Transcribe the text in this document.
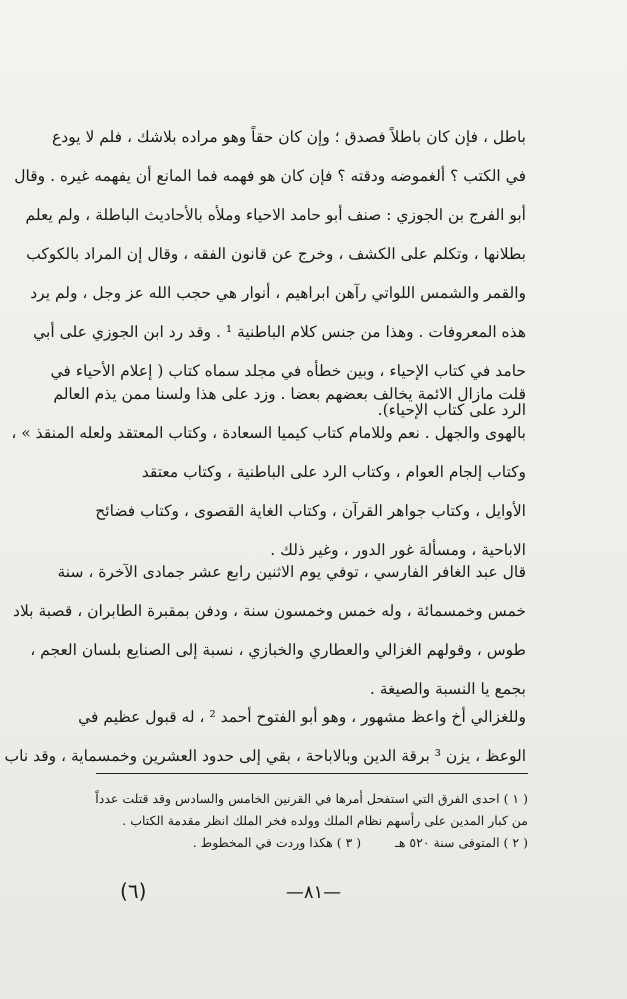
باطل ، فإن كان باطلاً فصدق ؛ وإن كان حقاً وهو مراده بلاشك ، فلم لا يودع
في الكتب ؟ ألغموضه ودقته ؟ فإن كان هو فهمه فما المانع أن يفهمه غيره . وقال
أبو الفرج بن الجوزي : صنف أبو حامد الاحياء وملأه بالأحاديث الباطلة ، ولم يعلم
بطلانها ، وتكلم على الكشف ، وخرج عن قانون الفقه ، وقال إن المراد بالكوكب
والقمر والشمس اللواتي رآهن ابراهيم ، أنوار هي حجب الله عز وجل ، ولم يرد
هذه المعروفات . وهذا من جنس كلام الباطنية ¹ . وقد رد ابن الجوزي على أبي
حامد في كتاب الإحياء ، وبين خطأه في مجلد سماه كتاب ( إعلام الأحياء في
الرد على كتاب الإحياء).
قلت مازال الائمة يخالف بعضهم بعضا . وزد على هذا ولسنا ممن يذم العالم
بالهوى والجهل . نعم وللامام كتاب كيميا السعادة ، وكتاب المعتقد ولعله المنقذ » ،
وكتاب إلجام العوام ، وكتاب الرد على الباطنية ، وكتاب معتقد
الأوايل ، وكتاب جواهر القرآن ، وكتاب الغاية القصوى ، وكتاب فضائح
الاباحية ، ومسألة غور الدور ، وغير ذلك .
قال عبد الغافر الفارسي ، توفي يوم الاثنين رابع عشر جمادى الآخرة ، سنة
خمس وخمسمائة ، وله خمس وخمسون سنة ، ودفن بمقبرة الطابران ، قصبة بلاد
طوس ، وقولهم الغزالي والعطاري والخبازي ، نسبة إلى الصنايع بلسان العجم ،
بجمع يا النسبة والصيغة .
وللغزالي أخ واعظ مشهور ، وهو أبو الفتوح أحمد ² ، له قبول عظيم في
الوعظ ، يزن ³ برقة الدين وبالاباحة ، بقي إلى حدود العشرين وخمسماية ، وقد ناب
( ١ ) احدى الفرق التي استفحل أمرها في القرنين الخامس والسادس وقد قتلت عدداً
من كبار المدين على رأسهم نظام الملك وولده فخر الملك انظر مقدمة الكتاب .
( ٢ ) المتوفى سنة ٥٢٠ هـ
( ٣ ) هكذا وردت في المخطوط .
—٨١—
(٦)
